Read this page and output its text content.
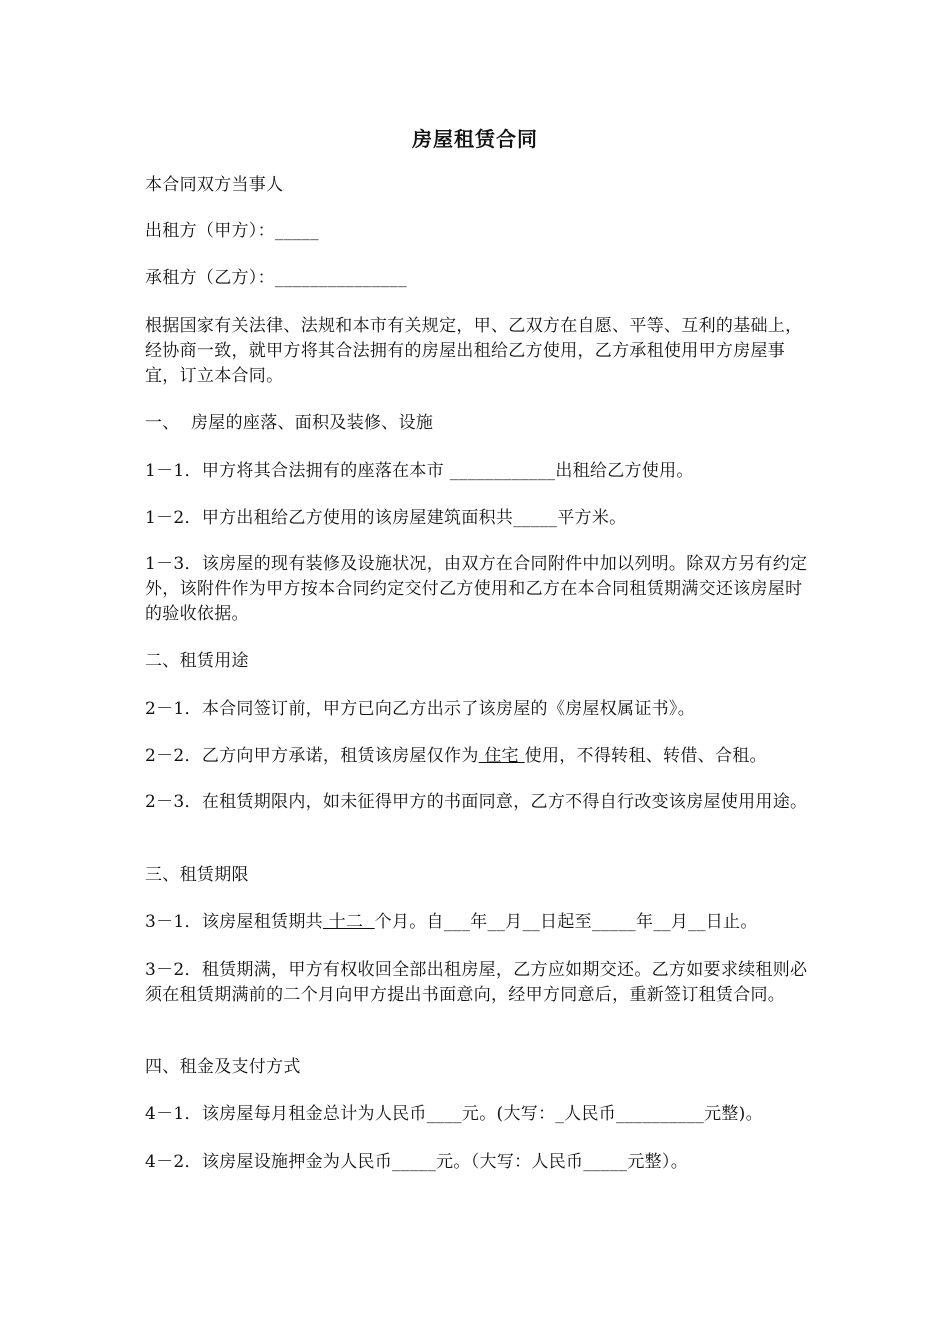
房屋租赁合同
本合同双方当事人
出租方（甲方）：_____
承租方（乙方）：_______________
根据国家有关法律、法规和本市有关规定，甲、乙双方在自愿、平等、互利的基础上，经协商一致，就甲方将其合法拥有的房屋出租给乙方使用，乙方承租使用甲方房屋事宜，订立本合同。
一、  房屋的座落、面积及装修、设施
1－1．甲方将其合法拥有的座落在本市 ____________出租给乙方使用。
1－2．甲方出租给乙方使用的该房屋建筑面积共_____平方米。
1－3．该房屋的现有装修及设施状况，由双方在合同附件中加以列明。除双方另有约定外，该附件作为甲方按本合同约定交付乙方使用和乙方在本合同租赁期满交还该房屋时的验收依据。
二、租赁用途
2－1．本合同签订前，甲方已向乙方出示了该房屋的《房屋权属证书》。
2－2．乙方向甲方承诺，租赁该房屋仅作为 住宅 使用，不得转租、转借、合租。
2－3．在租赁期限内，如未征得甲方的书面同意，乙方不得自行改变该房屋使用用途。
三、租赁期限
3－1．该房屋租赁期共 十二  个月。自___年__月__日起至_____年__月__日止。
3－2．租赁期满，甲方有权收回全部出租房屋，乙方应如期交还。乙方如要求续租则必须在租赁期满前的二个月向甲方提出书面意向，经甲方同意后，重新签订租赁合同。
四、租金及支付方式
4－1．该房屋每月租金总计为人民币____元。(大写：_人民币__________元整)。
4－2．该房屋设施押金为人民币_____元。（大写：人民币_____元整）。
